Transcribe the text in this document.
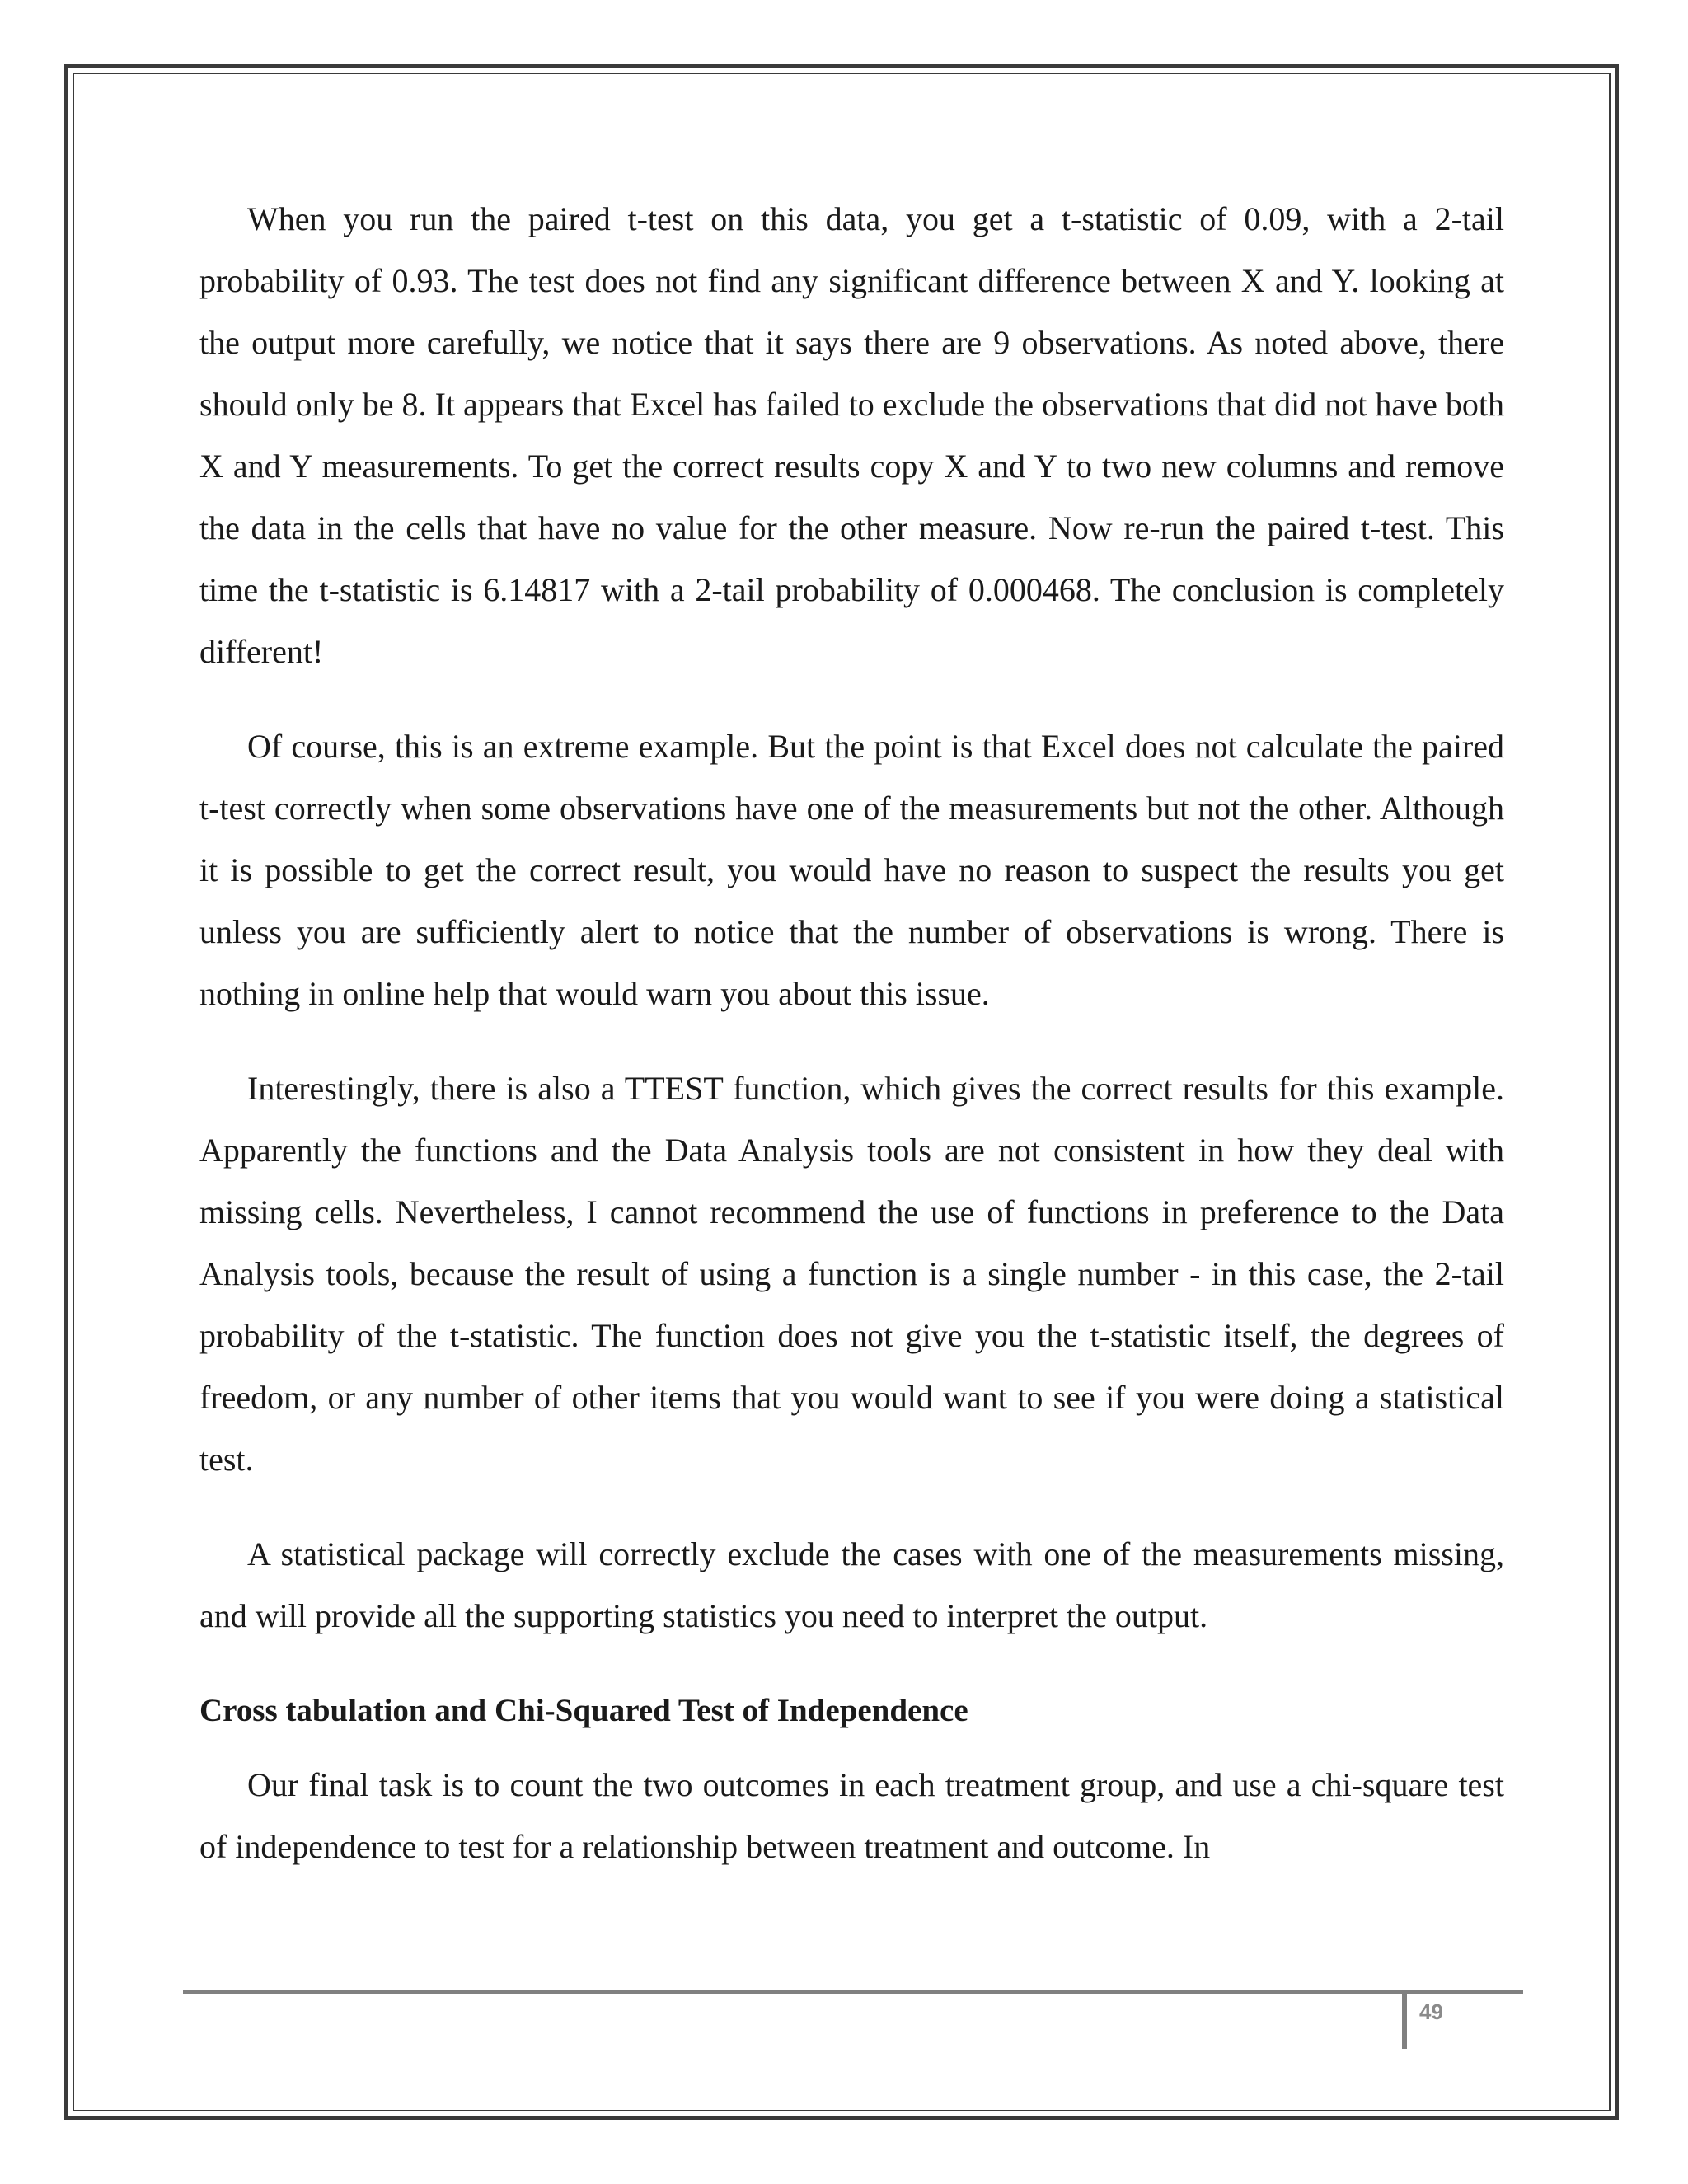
When you run the paired t-test on this data, you get a t-statistic of 0.09, with a 2-tail probability of 0.93. The test does not find any significant difference between X and Y. looking at the output more carefully, we notice that it says there are 9 observations. As noted above, there should only be 8. It appears that Excel has failed to exclude the observations that did not have both X and Y measurements. To get the correct results copy X and Y to two new columns and remove the data in the cells that have no value for the other measure. Now re-run the paired t-test. This time the t-statistic is 6.14817 with a 2-tail probability of 0.000468. The conclusion is completely different!

Of course, this is an extreme example. But the point is that Excel does not calculate the paired t-test correctly when some observations have one of the measurements but not the other. Although it is possible to get the correct result, you would have no reason to suspect the results you get unless you are sufficiently alert to notice that the number of observations is wrong. There is nothing in online help that would warn you about this issue.

Interestingly, there is also a TTEST function, which gives the correct results for this example. Apparently the functions and the Data Analysis tools are not consistent in how they deal with missing cells. Nevertheless, I cannot recommend the use of functions in preference to the Data Analysis tools, because the result of using a function is a single number - in this case, the 2-tail probability of the t-statistic. The function does not give you the t-statistic itself, the degrees of freedom, or any number of other items that you would want to see if you were doing a statistical test.

A statistical package will correctly exclude the cases with one of the measurements missing, and will provide all the supporting statistics you need to interpret the output.

Cross tabulation and Chi-Squared Test of Independence

Our final task is to count the two outcomes in each treatment group, and use a chi-square test of independence to test for a relationship between treatment and outcome. In

49
